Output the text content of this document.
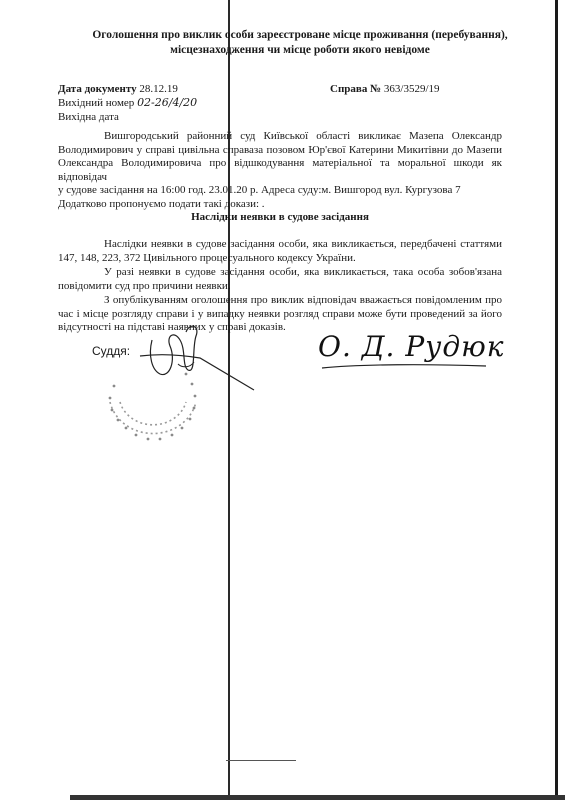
Оголошення про виклик особи зареєстроване місце проживання (перебування),
місцезнаходження чи місце роботи якого невідоме
Дата документу 28.12.19
Вихідний номер 02-26/4/20
Вихідна дата
Справа № 363/3529/19
Вишгородський районний суд Київської області викликає Мазепа Олександр
Володимирович у справі цивільна справаза позовом Юр'євої Катерини Микитівни до Мазепи
Олександра Володимировича про відшкодування матеріальної та моральної шкоди як відповідач
у судове засідання на 16:00 год. 23.01.20 р. Адреса суду:м. Вишгород вул. Кургузова 7
Додатково пропонуємо подати такі докази: .
Наслідки неявки в судове засідання
Наслідки неявки в судове засідання особи, яка викликається, передбачені статтями 147, 148, 223, 372 Цивільного процесуального кодексу України.
У разі неявки в судове засідання особи, яка викликається, така особа зобов'язана повідомити суд про причини неявки.
З опублікуванням оголошення про виклик відповідач вважається повідомленим про час і місце розгляду справи і у випадку неявки розгляд справи може бути проведений за його відсутності на підставі наявних у справі доказів.
Суддя:	О. Д. Рудюк
